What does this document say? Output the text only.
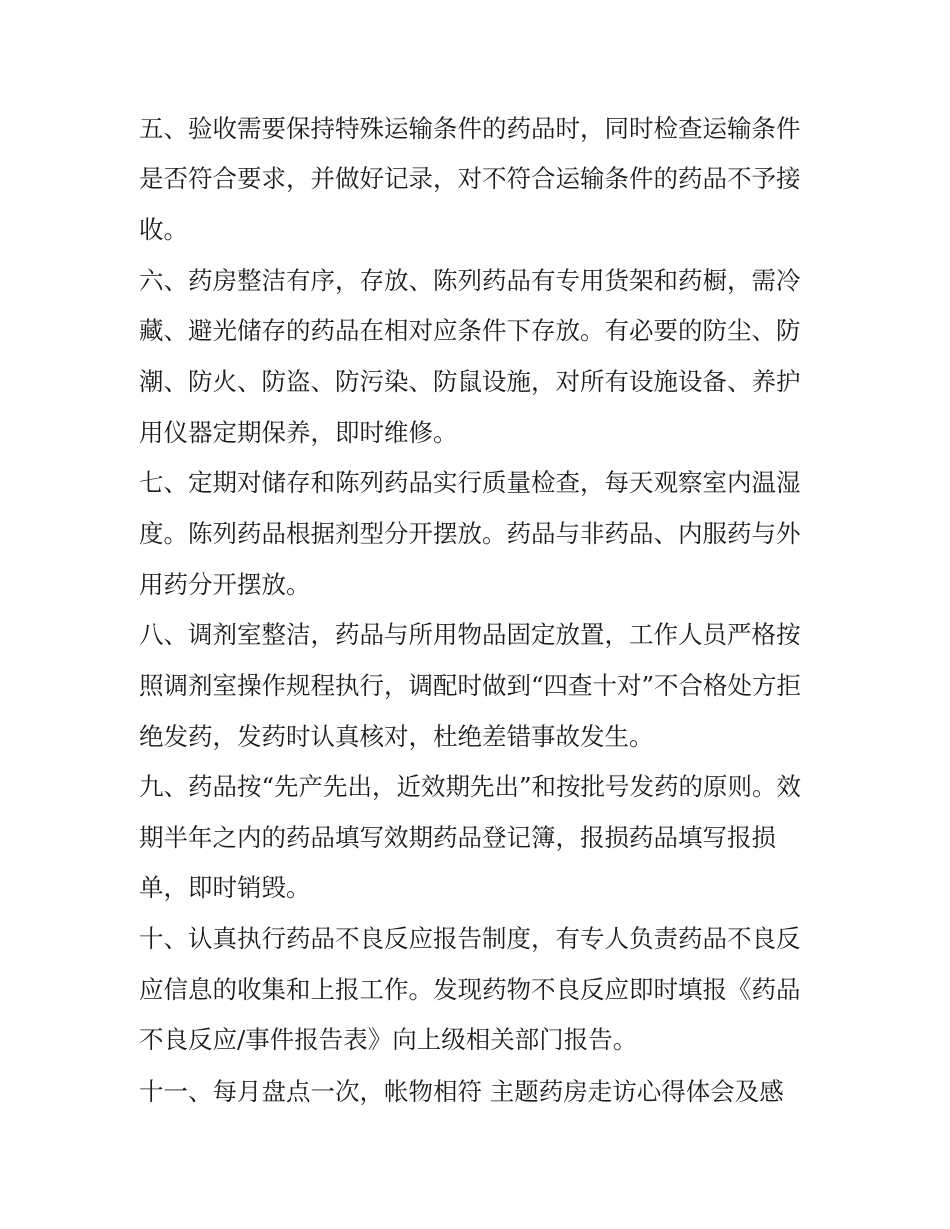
五、验收需要保持特殊运输条件的药品时，同时检查运输条件

是否符合要求，并做好记录，对不符合运输条件的药品不予接

收。

六、药房整洁有序，存放、陈列药品有专用货架和药橱，需冷

藏、避光储存的药品在相对应条件下存放。有必要的防尘、防

潮、防火、防盗、防污染、防鼠设施，对所有设施设备、养护

用仪器定期保养，即时维修。

七、定期对储存和陈列药品实行质量检查，每天观察室内温湿

度。陈列药品根据剂型分开摆放。药品与非药品、内服药与外

用药分开摆放。

八、调剂室整洁，药品与所用物品固定放置，工作人员严格按

照调剂室操作规程执行，调配时做到“四查十对”不合格处方拒

绝发药，发药时认真核对，杜绝差错事故发生。

九、药品按“先产先出，近效期先出”和按批号发药的原则。效

期半年之内的药品填写效期药品登记簿，报损药品填写报损

单，即时销毁。

十、认真执行药品不良反应报告制度，有专人负责药品不良反

应信息的收集和上报工作。发现药物不良反应即时填报《药品

不良反应/事件报告表》向上级相关部门报告。

十一、每月盘点一次，帐物相符 主题药房走访心得体会及感
